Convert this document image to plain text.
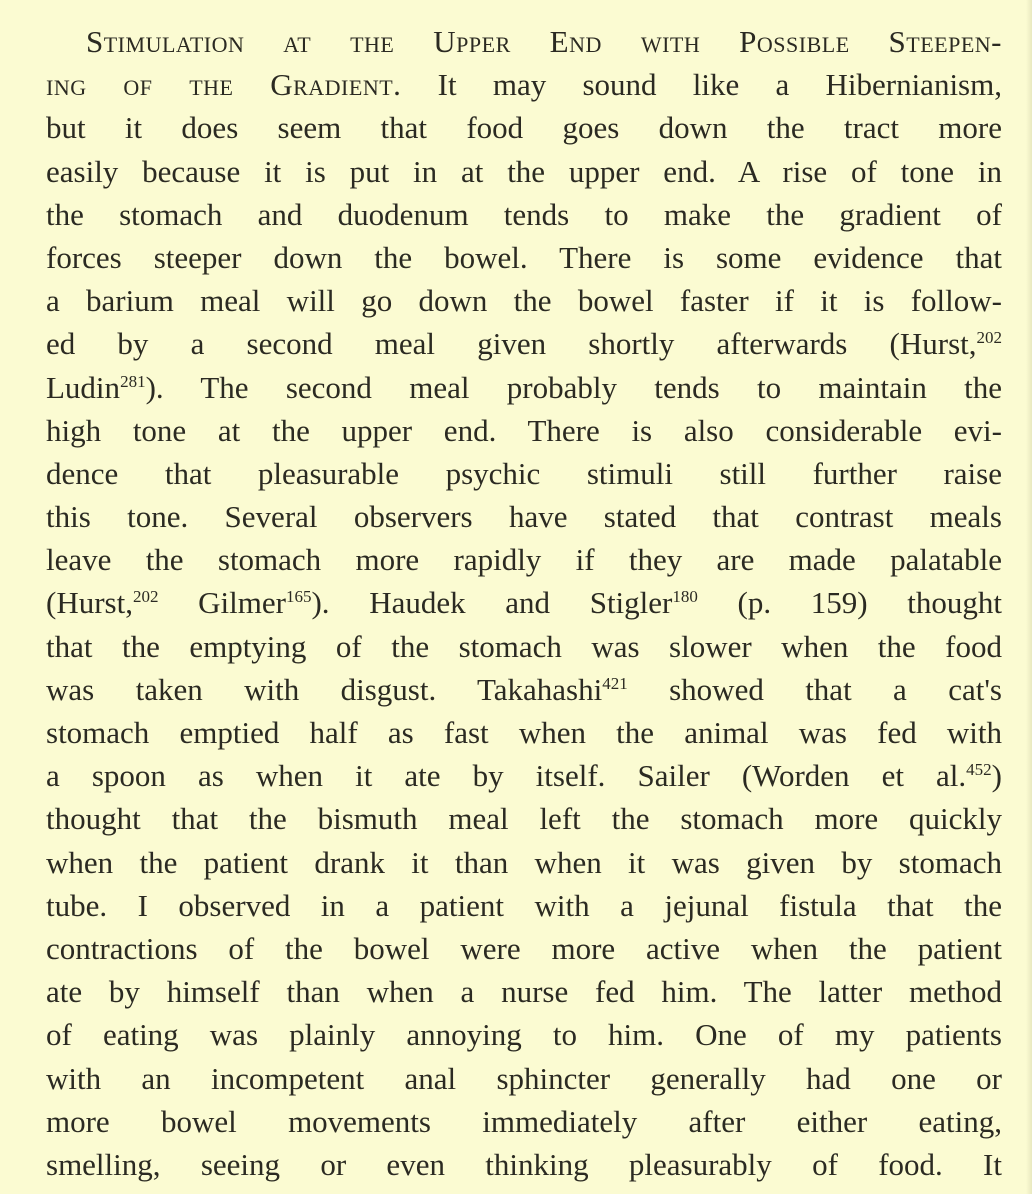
Stimulation at the Upper End with Possible Steepen-
ing of the Gradient. It may sound like a Hibernianism,
but it does seem that food goes down the tract more
easily because it is put in at the upper end. A rise of tone in
the stomach and duodenum tends to make the gradient of
forces steeper down the bowel. There is some evidence that
a barium meal will go down the bowel faster if it is follow-
ed by a second meal given shortly afterwards (Hurst,$^{202}$
Ludin$^{281}$). The second meal probably tends to maintain the
high tone at the upper end. There is also considerable evi-
dence that pleasurable psychic stimuli still further raise
this tone. Several observers have stated that contrast meals
leave the stomach more rapidly if they are made palatable
(Hurst,$^{202}$ Gilmer$^{165}$). Haudek and Stigler$^{180}$ (p. 159) thought
that the emptying of the stomach was slower when the food
was taken with disgust. Takahashi$^{421}$ showed that a cat's
stomach emptied half as fast when the animal was fed with
a spoon as when it ate by itself. Sailer (Worden et al.$^{452}$)
thought that the bismuth meal left the stomach more quickly
when the patient drank it than when it was given by stomach
tube. I observed in a patient with a jejunal fistula that the
contractions of the bowel were more active when the patient
ate by himself than when a nurse fed him. The latter method
of eating was plainly annoying to him. One of my patients
with an incompetent anal sphincter generally had one or
more bowel movements immediately after either eating,
smelling, seeing or even thinking pleasurably of food. It
